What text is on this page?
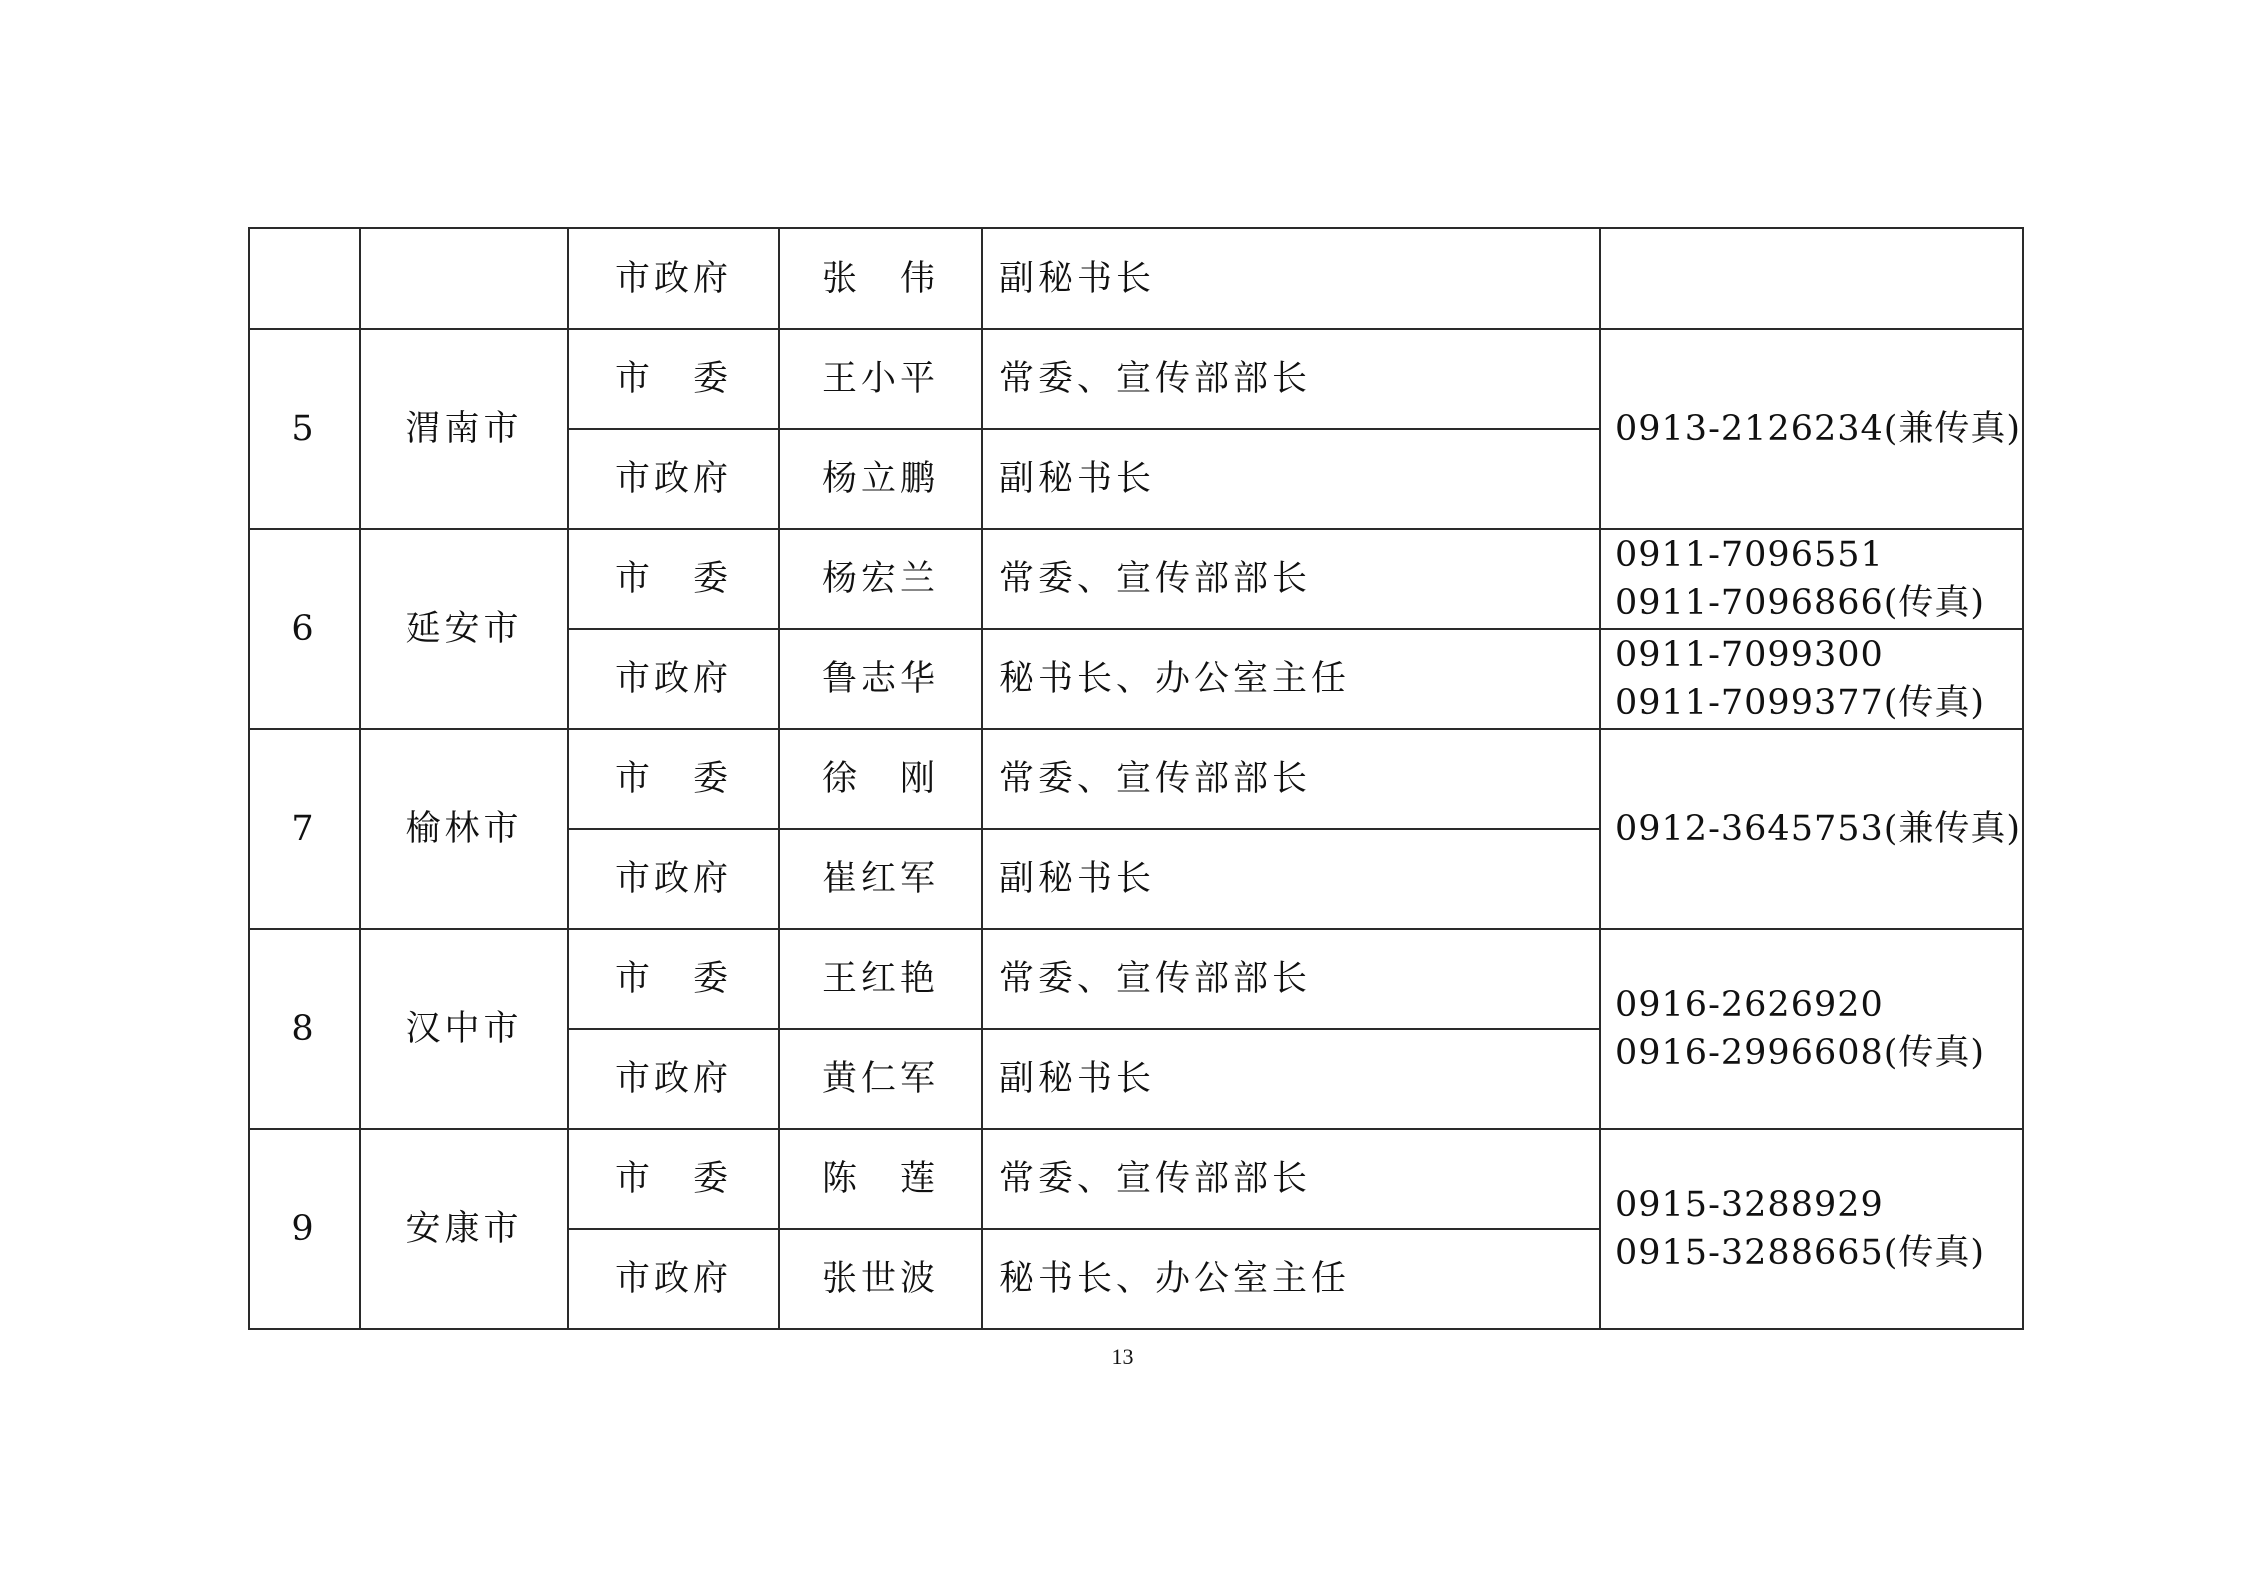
		市政府	张　伟	副秘书长	
5	渭南市	市　委	王小平	常委、宣传部部长	0913-2126234(兼传真)

		市政府	杨立鹏	副秘书长	
6	延安市	市　委	杨宏兰	常委、宣传部部长	0911-7096551
0911-7096866(传真)

		市政府	鲁志华	秘书长、办公室主任	0911-7099300
0911-7099377(传真)

7	榆林市	市　委	徐　刚	常委、宣传部部长	0912-3645753(兼传真)

		市政府	崔红军	副秘书长	
8	汉中市	市　委	王红艳	常委、宣传部部长	0916-2626920
0916-2996608(传真)

		市政府	黄仁军	副秘书长	
9	安康市	市　委	陈　莲	常委、宣传部部长	0915-3288929
0915-3288665(传真)

		市政府	张世波	秘书长、办公室主任	
13
